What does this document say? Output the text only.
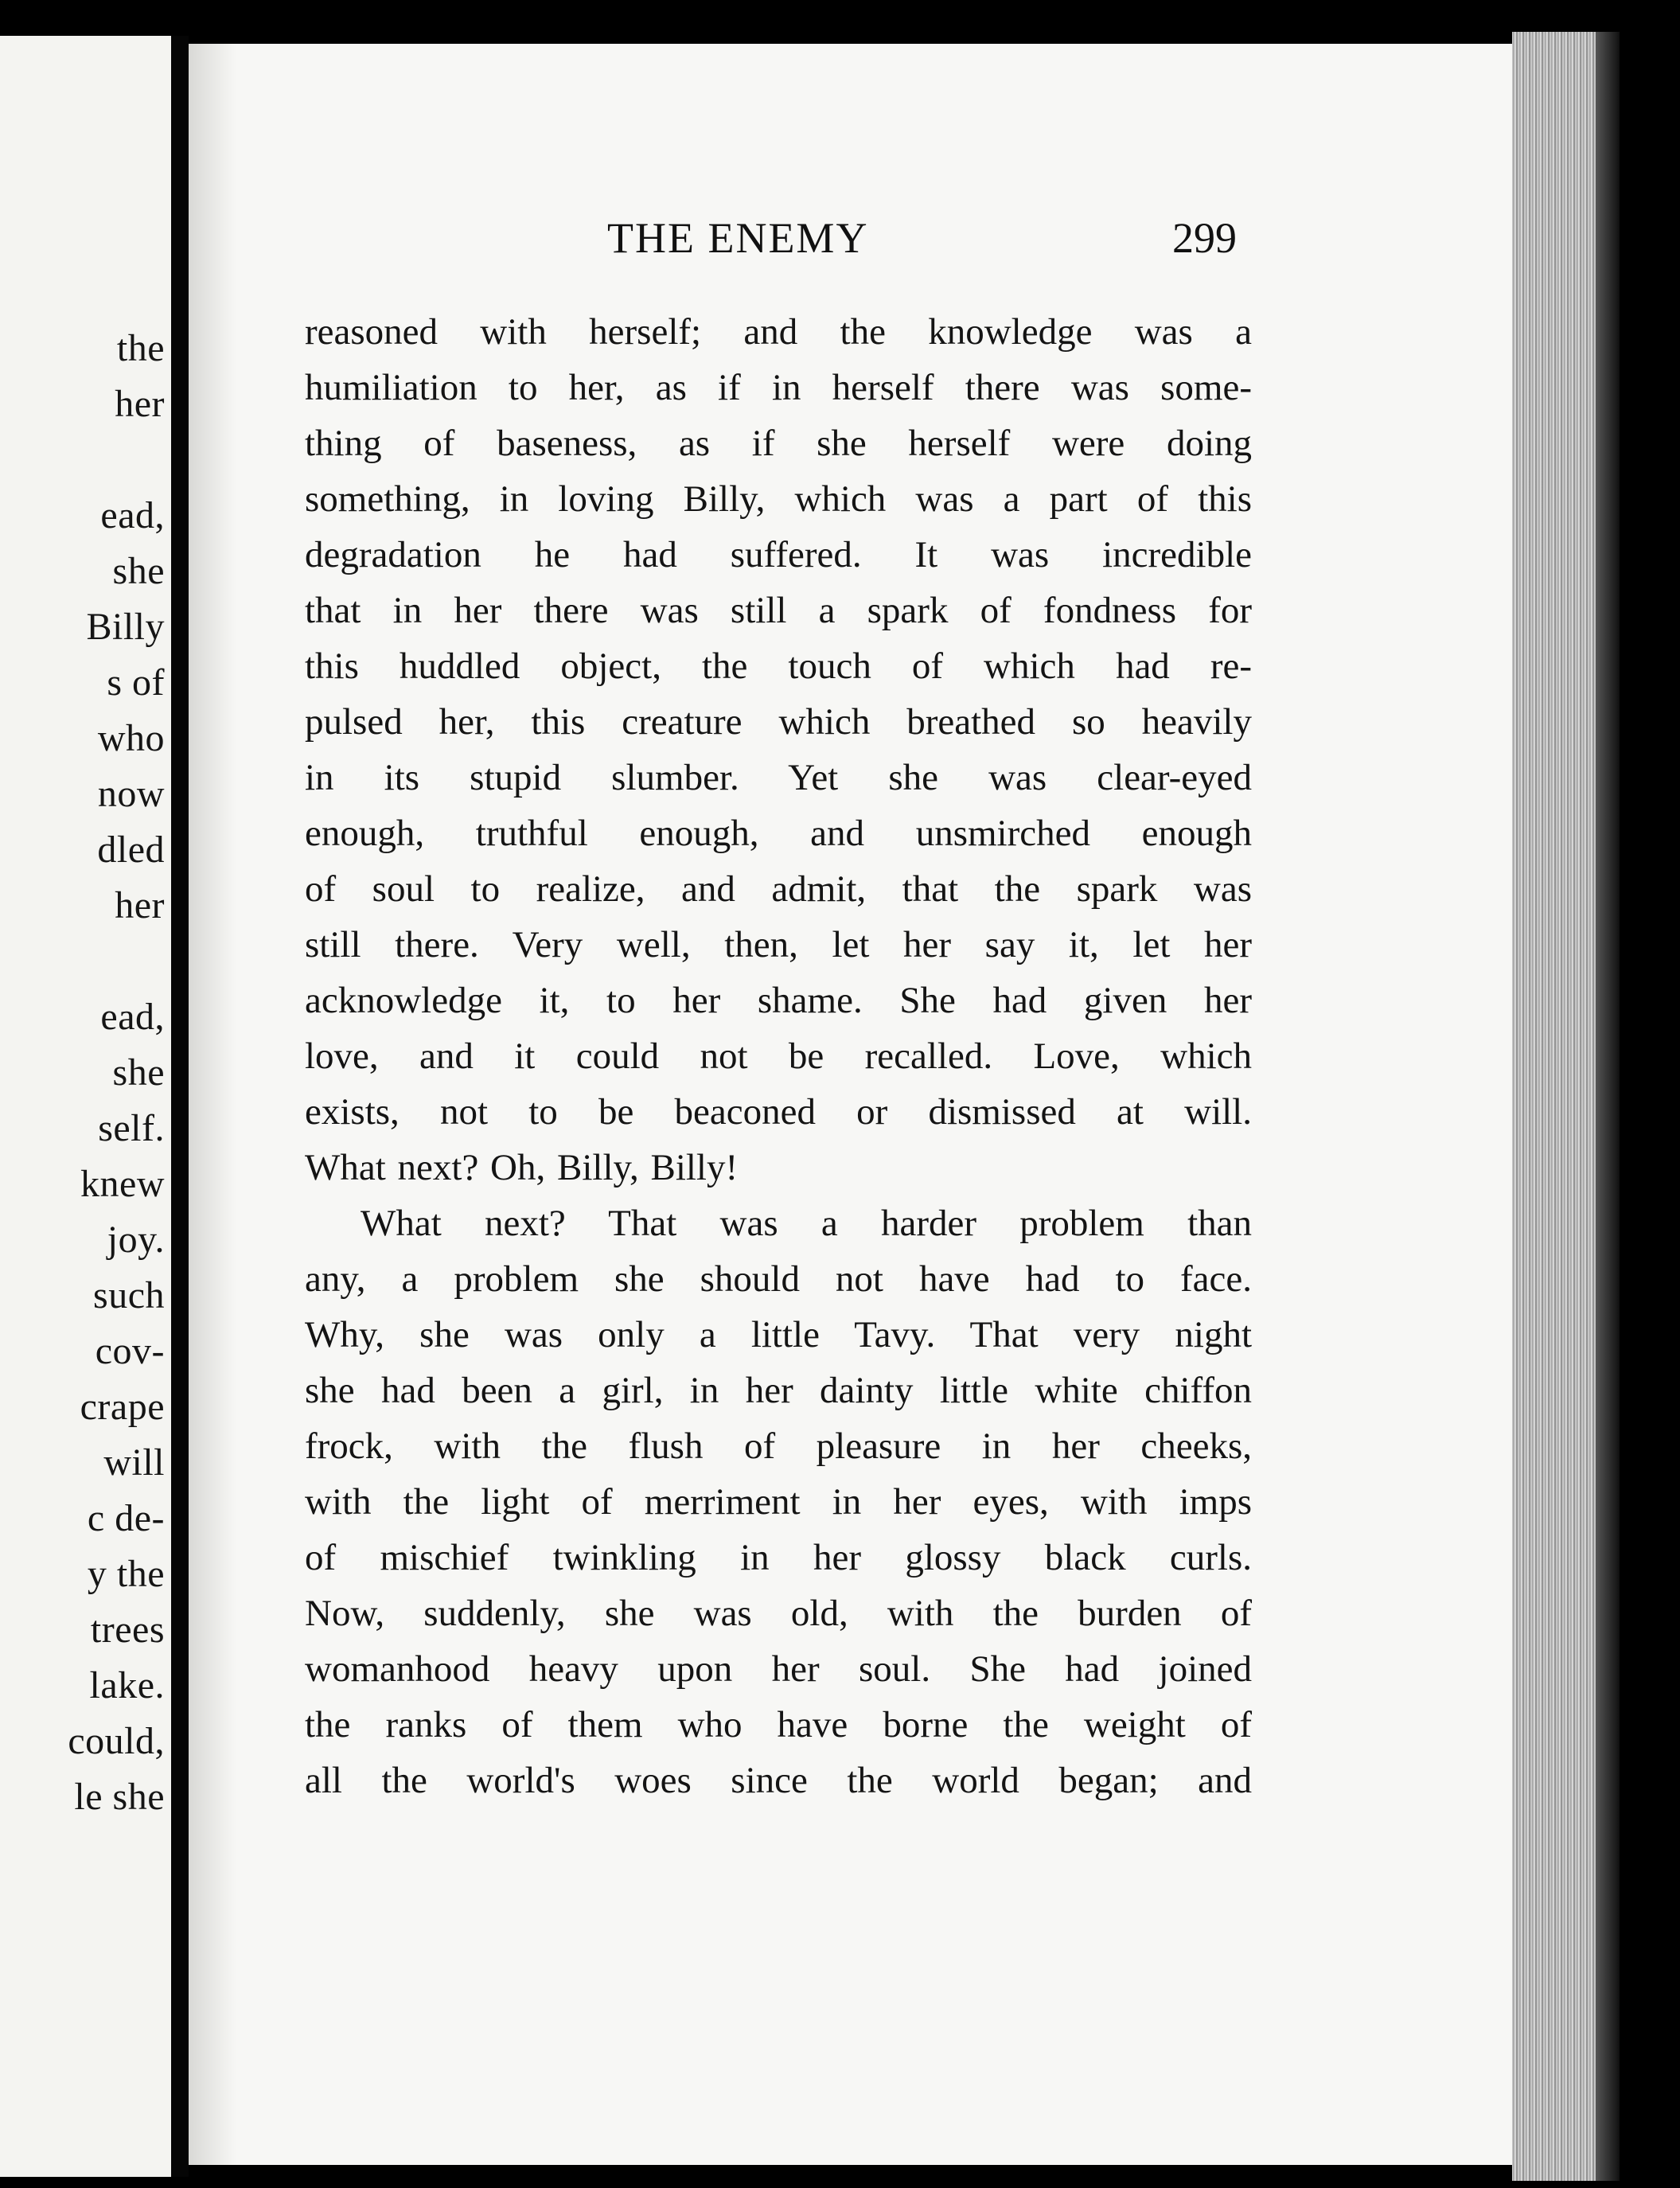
the
her
ead,
she
Billy
s of
who
now
dled
her
ead,
she
self.
knew
joy.
such
cov-
crape
will
c de-
y the
trees
lake.
could,
le she
THE ENEMY	299
reasoned with herself; and the knowledge was a
humiliation to her, as if in herself there was some-
thing of baseness, as if she herself were doing
something, in loving Billy, which was a part of this
degradation he had suffered. It was incredible
that in her there was still a spark of fondness for
this huddled object, the touch of which had re-
pulsed her, this creature which breathed so heavily
in its stupid slumber. Yet she was clear-eyed
enough, truthful enough, and unsmirched enough
of soul to realize, and admit, that the spark was
still there. Very well, then, let her say it, let her
acknowledge it, to her shame. She had given her
love, and it could not be recalled. Love, which
exists, not to be beaconed or dismissed at will.
What next? Oh, Billy, Billy!
What next? That was a harder problem than
any, a problem she should not have had to face.
Why, she was only a little Tavy. That very night
she had been a girl, in her dainty little white chiffon
frock, with the flush of pleasure in her cheeks,
with the light of merriment in her eyes, with imps
of mischief twinkling in her glossy black curls.
Now, suddenly, she was old, with the burden of
womanhood heavy upon her soul. She had joined
the ranks of them who have borne the weight of
all the world's woes since the world began; and
